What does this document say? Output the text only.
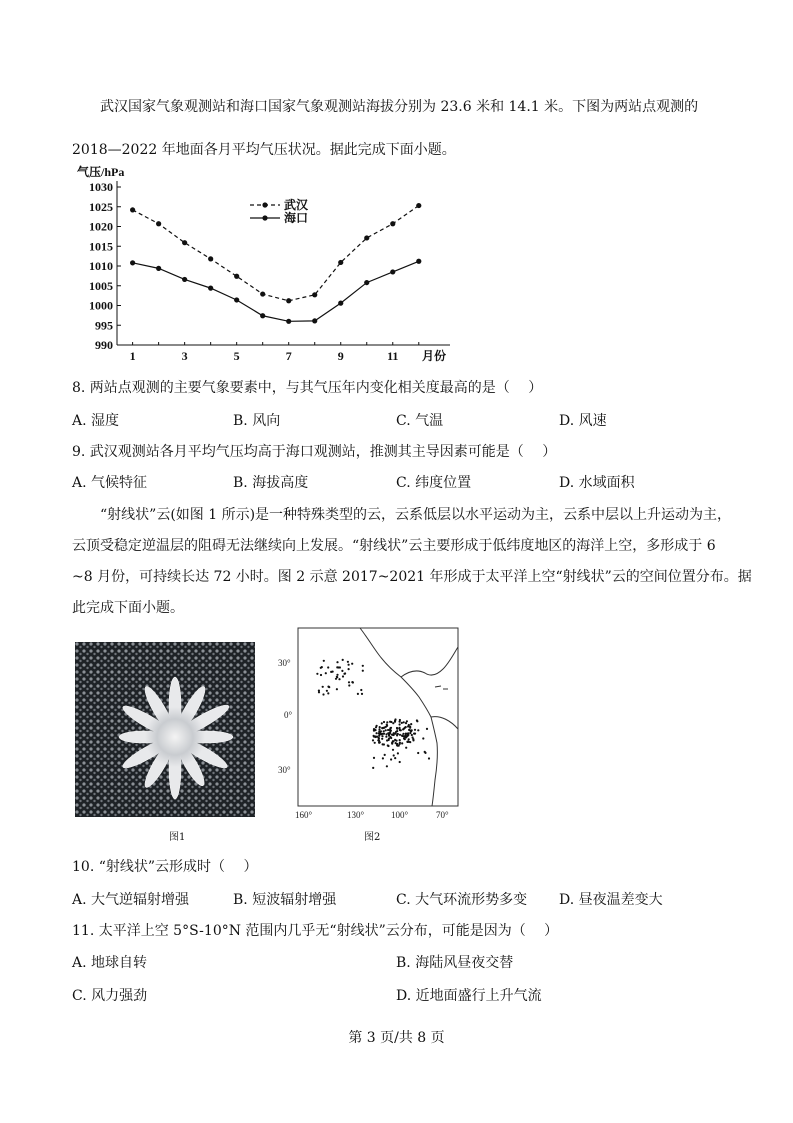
武汉国家气象观测站和海口国家气象观测站海拔分别为 23.6 米和 14.1 米。下图为两站点观测的
2018—2022 年地面各月平均气压状况。据此完成下面小题。
1030
1025
1020
1015
1010
1005
1000
995
990
1	3	5	7	9	11
气压/hPa
月份
武汉
海口
8. 两站点观测的主要气象要素中，与其气压年内变化相关度最高的是（　 ）
A. 湿度	B. 风向	C. 气温	D. 风速
9. 武汉观测站各月平均气压均高于海口观测站，推测其主导因素可能是（　 ）
A. 气候特征	B. 海拔高度	C. 纬度位置	D. 水域面积
“射线状”云(如图 1 所示)是一种特殊类型的云，云系低层以水平运动为主，云系中层以上升运动为主，
云顶受稳定逆温层的阻碍无法继续向上发展。“射线状”云主要形成于低纬度地区的海洋上空，多形成于 6
~8 月份，可持续长达 72 小时。图 2 示意 2017~2021 年形成于太平洋上空“射线状”云的空间位置分布。据
此完成下面小题。
图1
30°
0°
30°
160°	130°	100°	70°
图2
10. “射线状”云形成时（　 ）
A. 大气逆辐射增强	B. 短波辐射增强	C. 大气环流形势多变 D. 昼夜温差变大
11. 太平洋上空 5°S-10°N 范围内几乎无“射线状”云分布，可能是因为（　 ）
A. 地球自转	B. 海陆风昼夜交替
C. 风力强劲	D. 近地面盛行上升气流
第 3 页/共 8 页
